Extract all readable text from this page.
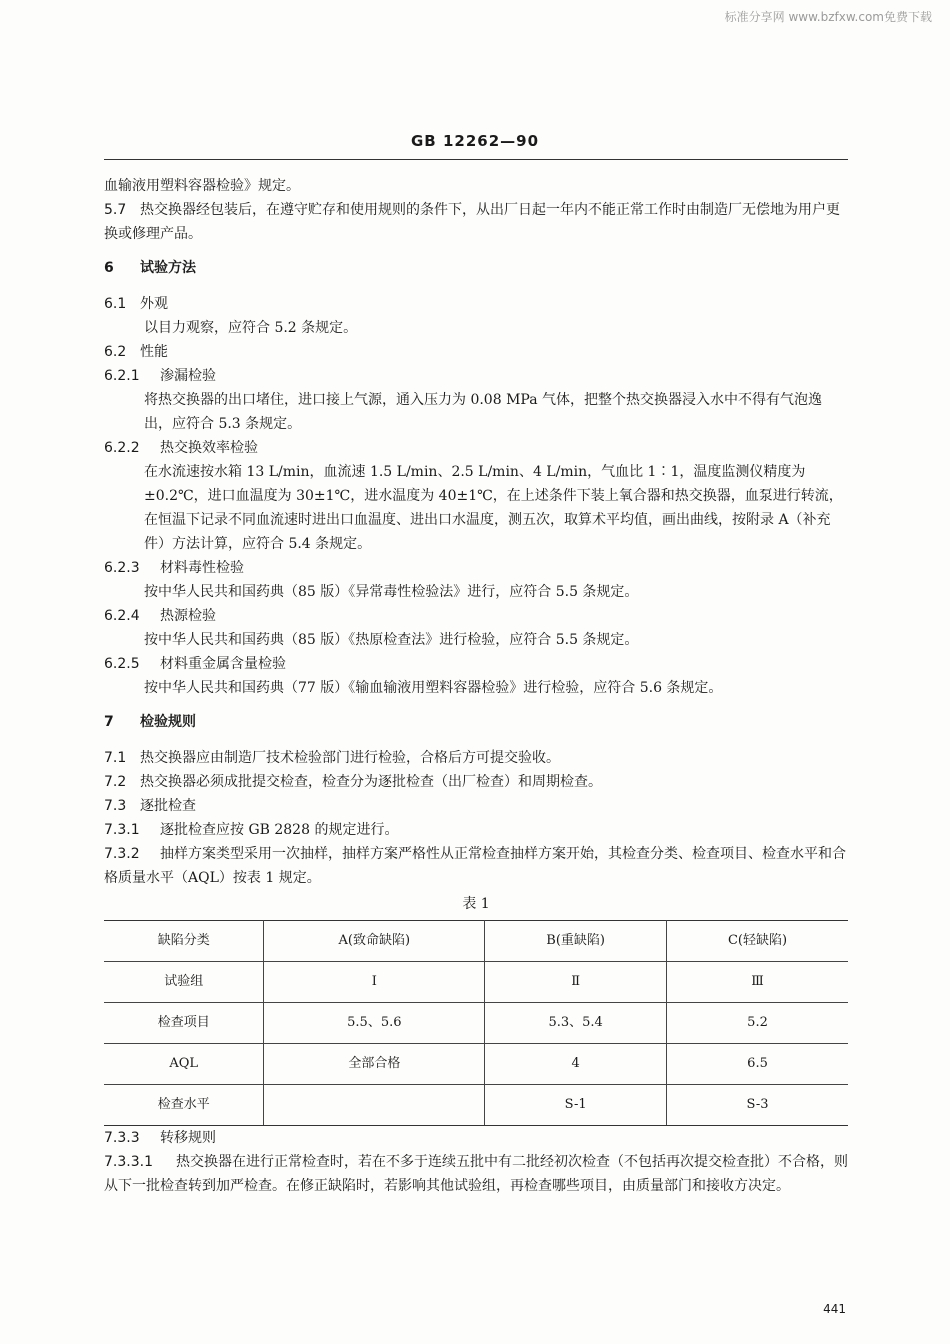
标准分享网 www.bzfxw.com免费下载
GB 12262—90

血输液用塑料容器检验》规定。

5.7 热交换器经包装后，在遵守贮存和使用规则的条件下，从出厂日起一年内不能正常工作时由制造厂无偿地为用户更换或修理产品。

6 试验方法

6.1 外观

以目力观察，应符合 5.2 条规定。

6.2 性能

6.2.1 渗漏检验

将热交换器的出口堵住，进口接上气源，通入压力为 0.08 MPa 气体，把整个热交换器浸入水中不得有气泡逸出，应符合 5.3 条规定。

6.2.2 热交换效率检验

在水流速按水箱 13 L/min，血流速 1.5 L/min、2.5 L/min、4 L/min，气血比 1∶1，温度监测仪精度为±0.2℃，进口血温度为 30±1℃，进水温度为 40±1℃，在上述条件下装上氧合器和热交换器，血泵进行转流，在恒温下记录不同血流速时进出口血温度、进出口水温度，测五次，取算术平均值，画出曲线，按附录 A（补充件）方法计算，应符合 5.4 条规定。

6.2.3 材料毒性检验

按中华人民共和国药典（85 版）《异常毒性检验法》进行，应符合 5.5 条规定。

6.2.4 热源检验

按中华人民共和国药典（85 版）《热原检查法》进行检验，应符合 5.5 条规定。

6.2.5 材料重金属含量检验

按中华人民共和国药典（77 版）《输血输液用塑料容器检验》进行检验，应符合 5.6 条规定。

7 检验规则

7.1 热交换器应由制造厂技术检验部门进行检验，合格后方可提交验收。

7.2 热交换器必须成批提交检查，检查分为逐批检查（出厂检查）和周期检查。

7.3 逐批检查

7.3.1 逐批检查应按 GB 2828 的规定进行。

7.3.2 抽样方案类型采用一次抽样，抽样方案严格性从正常检查抽样方案开始，其检查分类、检查项目、检查水平和合格质量水平（AQL）按表 1 规定。

表 1
缺陷分类	A(致命缺陷)	B(重缺陷)	C(轻缺陷)
试验组	Ⅰ	Ⅱ	Ⅲ
检查项目	5.5、5.6	5.3、5.4	5.2
AQL	全部合格	4	6.5
检查水平		S-1	S-3

7.3.3 转移规则

7.3.3.1 热交换器在进行正常检查时，若在不多于连续五批中有二批经初次检查（不包括再次提交检查批）不合格，则从下一批检查转到加严检查。在修正缺陷时，若影响其他试验组，再检查哪些项目，由质量部门和接收方决定。

441
